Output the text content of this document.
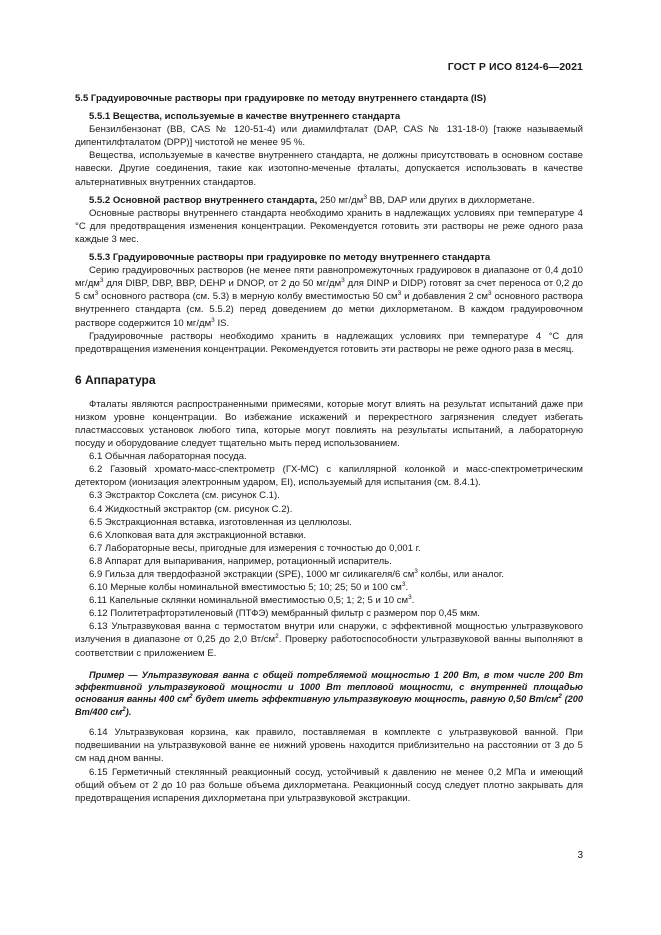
ГОСТ Р ИСО 8124-6—2021

5.5 Градуировочные растворы при градуировке по методу внутреннего стандарта (IS)

5.5.1 Вещества, используемые в качестве внутреннего стандарта

Бензилбензонат (ВВ, CAS № 120-51-4) или диамилфталат (DAP, CAS № 131-18-0) [также называемый дипентилфталатом (DPP)] чистотой не менее 95 %.

Вещества, используемые в качестве внутреннего стандарта, не должны присутствовать в основном составе навески. Другие соединения, такие как изотопно-меченые фталаты, допускается использовать в качестве альтернативных внутренних стандартов.

5.5.2 Основной раствор внутреннего стандарта, 250 $мг/дм^3$ ВВ, DAP или других в дихлорметане.

Основные растворы внутреннего стандарта необходимо хранить в надлежащих условиях при температуре 4 °С для предотвращения изменения концентрации. Рекомендуется готовить эти растворы не реже одного раза каждые 3 мес.

5.5.3 Градуировочные растворы при градуировке по методу внутреннего стандарта

Серию градуировочных растворов (не менее пяти равнопромежуточных градуировок в диапазоне от 0,4 до10 $мг/дм^3$ для DIBP, DBP, BBP, DEHP и DNOP, от 2 до 50 $мг/дм^3$ для DINP и DIDP) готовят за счет переноса от 0,2 до 5 $см^3$ основного раствора (см. 5.3) в мерную колбу вместимостью 50 $см^3$ и добавления 2 $см^3$ основного раствора внутреннего стандарта (см. 5.5.2) перед доведением до метки дихлорметаном. В каждом градуировочном растворе содержится 10 $мг/дм^3$ IS.

Градуировочные растворы необходимо хранить в надлежащих условиях при температуре 4 °С для предотвращения изменения концентрации. Рекомендуется готовить эти растворы не реже одного раза в месяц.

6 Аппаратура

Фталаты являются распространенными примесями, которые могут влиять на результат испытаний даже при низком уровне концентрации. Во избежание искажений и перекрестного загрязнения следует избегать пластмассовых установок любого типа, которые могут повлиять на результаты испытаний, а лабораторную посуду и оборудование следует тщательно мыть перед использованием.

6.1 Обычная лабораторная посуда.

6.2 Газовый хромато-масс-спектрометр (ГХ-МС) с капиллярной колонкой и масс-спектрометрическим детектором (ионизация электронным ударом, EI), используемый для испытания (см. 8.4.1).

6.3 Экстрактор Сокслета (см. рисунок С.1).

6.4 Жидкостный экстрактор (см. рисунок С.2).

6.5 Экстракционная вставка, изготовленная из целлюлозы.

6.6 Хлопковая вата для экстракционной вставки.

6.7 Лабораторные весы, пригодные для измерения с точностью до 0,001 г.

6.8 Аппарат для выпаривания, например, ротационный испаритель.

6.9 Гильза для твердофазной экстракции (SPE), 1000 мг силикагеля/6 $см^3$ колбы, или аналог.

6.10 Мерные колбы номинальной вместимостью 5; 10; 25; 50 и 100 $см^3$.

6.11 Капельные склянки номинальной вместимостью 0,5; 1; 2; 5 и 10 $см^3$.

6.12 Политетрафторэтиленовый (ПТФЭ) мембранный фильтр с размером пор 0,45 мкм.

6.13 Ультразвуковая ванна с термостатом внутри или снаружи, с эффективной мощностью ультразвукового излучения в диапазоне от 0,25 до 2,0 $Вт/см^2$. Проверку работоспособности ультразвуковой ванны выполняют в соответствии с приложением Е.

Пример — Ультразвуковая ванна с общей потребляемой мощностью 1 200 Вт, в том числе 200 Вт эффективной ультразвуковой мощности и 1000 Вт тепловой мощности, с внутренней площадью основания ванны 400 $см^2$ будет иметь эффективную ультразвуковую мощность, равную 0,50 $Вт/см^2$ (200 Вт/400 $см^2$).

6.14 Ультразвуковая корзина, как правило, поставляемая в комплекте с ультразвуковой ванной. При подвешивании на ультразвуковой ванне ее нижний уровень находится приблизительно на расстоянии от 3 до 5 см над дном ванны.

6.15 Герметичный стеклянный реакционный сосуд, устойчивый к давлению не менее 0,2 МПа и имеющий общий объем от 2 до 10 раз больше объема дихлорметана. Реакционный сосуд следует плотно закрывать для предотвращения испарения дихлорметана при ультразвуковой экстракции.

3
